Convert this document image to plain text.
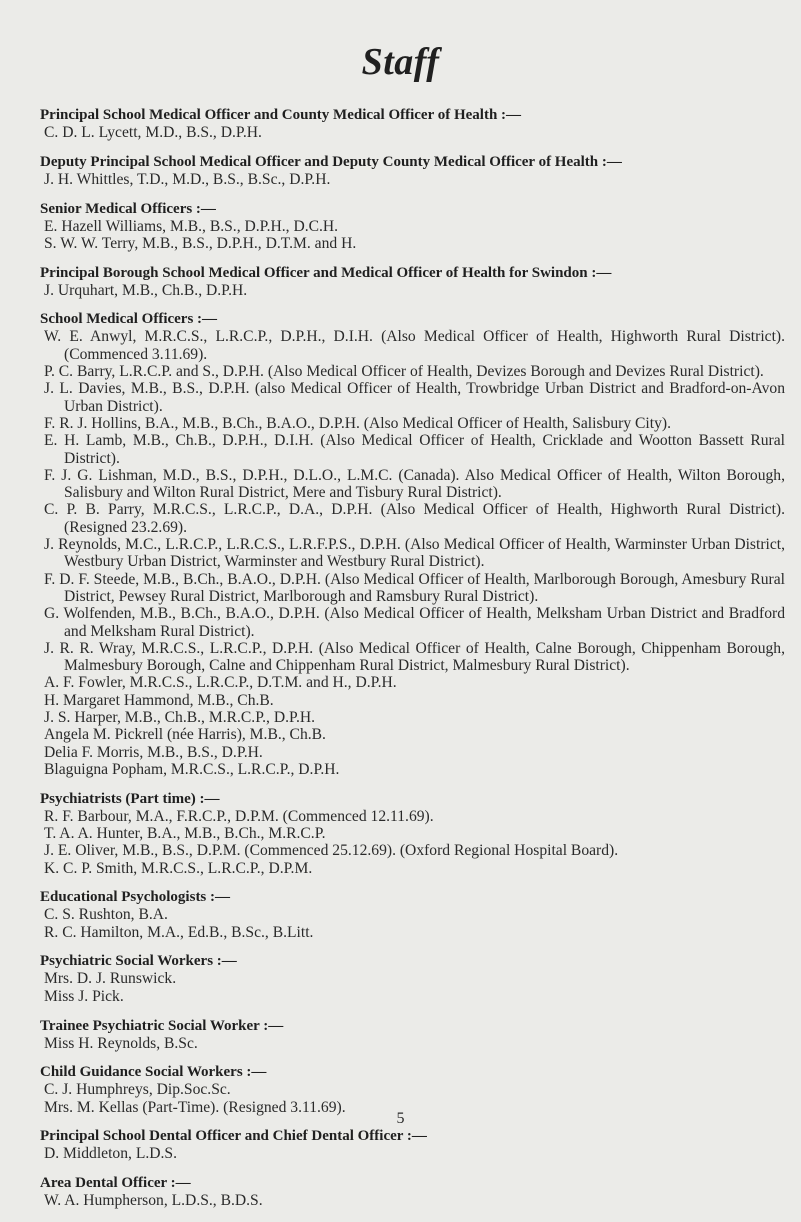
Staff
Principal School Medical Officer and County Medical Officer of Health :—
C. D. L. Lycett, M.D., B.S., D.P.H.
Deputy Principal School Medical Officer and Deputy County Medical Officer of Health :—
J. H. Whittles, T.D., M.D., B.S., B.Sc., D.P.H.
Senior Medical Officers :—
E. Hazell Williams, M.B., B.S., D.P.H., D.C.H.
S. W. W. Terry, M.B., B.S., D.P.H., D.T.M. and H.
Principal Borough School Medical Officer and Medical Officer of Health for Swindon :—
J. Urquhart, M.B., Ch.B., D.P.H.
School Medical Officers :—
W. E. Anwyl, M.R.C.S., L.R.C.P., D.P.H., D.I.H. (Also Medical Officer of Health, Highworth Rural District). (Commenced 3.11.69).
P. C. Barry, L.R.C.P. and S., D.P.H. (Also Medical Officer of Health, Devizes Borough and Devizes Rural District).
J. L. Davies, M.B., B.S., D.P.H. (also Medical Officer of Health, Trowbridge Urban District and Bradford-on-Avon Urban District).
F. R. J. Hollins, B.A., M.B., B.Ch., B.A.O., D.P.H. (Also Medical Officer of Health, Salisbury City).
E. H. Lamb, M.B., Ch.B., D.P.H., D.I.H. (Also Medical Officer of Health, Cricklade and Wootton Bassett Rural District).
F. J. G. Lishman, M.D., B.S., D.P.H., D.L.O., L.M.C. (Canada). Also Medical Officer of Health, Wilton Borough, Salisbury and Wilton Rural District, Mere and Tisbury Rural District).
C. P. B. Parry, M.R.C.S., L.R.C.P., D.A., D.P.H. (Also Medical Officer of Health, Highworth Rural District). (Resigned 23.2.69).
J. Reynolds, M.C., L.R.C.P., L.R.C.S., L.R.F.P.S., D.P.H. (Also Medical Officer of Health, Warminster Urban District, Westbury Urban District, Warminster and Westbury Rural District).
F. D. F. Steede, M.B., B.Ch., B.A.O., D.P.H. (Also Medical Officer of Health, Marlborough Borough, Amesbury Rural District, Pewsey Rural District, Marlborough and Ramsbury Rural District).
G. Wolfenden, M.B., B.Ch., B.A.O., D.P.H. (Also Medical Officer of Health, Melksham Urban District and Bradford and Melksham Rural District).
J. R. R. Wray, M.R.C.S., L.R.C.P., D.P.H. (Also Medical Officer of Health, Calne Borough, Chippenham Borough, Malmesbury Borough, Calne and Chippenham Rural District, Malmesbury Rural District).
A. F. Fowler, M.R.C.S., L.R.C.P., D.T.M. and H., D.P.H.
H. Margaret Hammond, M.B., Ch.B.
J. S. Harper, M.B., Ch.B., M.R.C.P., D.P.H.
Angela M. Pickrell (née Harris), M.B., Ch.B.
Delia F. Morris, M.B., B.S., D.P.H.
Blaguigna Popham, M.R.C.S., L.R.C.P., D.P.H.
Psychiatrists (Part time) :—
R. F. Barbour, M.A., F.R.C.P., D.P.M. (Commenced 12.11.69).
T. A. A. Hunter, B.A., M.B., B.Ch., M.R.C.P.
J. E. Oliver, M.B., B.S., D.P.M. (Commenced 25.12.69). (Oxford Regional Hospital Board).
K. C. P. Smith, M.R.C.S., L.R.C.P., D.P.M.
Educational Psychologists :—
C. S. Rushton, B.A.
R. C. Hamilton, M.A., Ed.B., B.Sc., B.Litt.
Psychiatric Social Workers :—
Mrs. D. J. Runswick.
Miss J. Pick.
Trainee Psychiatric Social Worker :—
Miss H. Reynolds, B.Sc.
Child Guidance Social Workers :—
C. J. Humphreys, Dip.Soc.Sc.
Mrs. M. Kellas (Part-Time). (Resigned 3.11.69).
Principal School Dental Officer and Chief Dental Officer :—
D. Middleton, L.D.S.
Area Dental Officer :—
W. A. Humpherson, L.D.S., B.D.S.
5
